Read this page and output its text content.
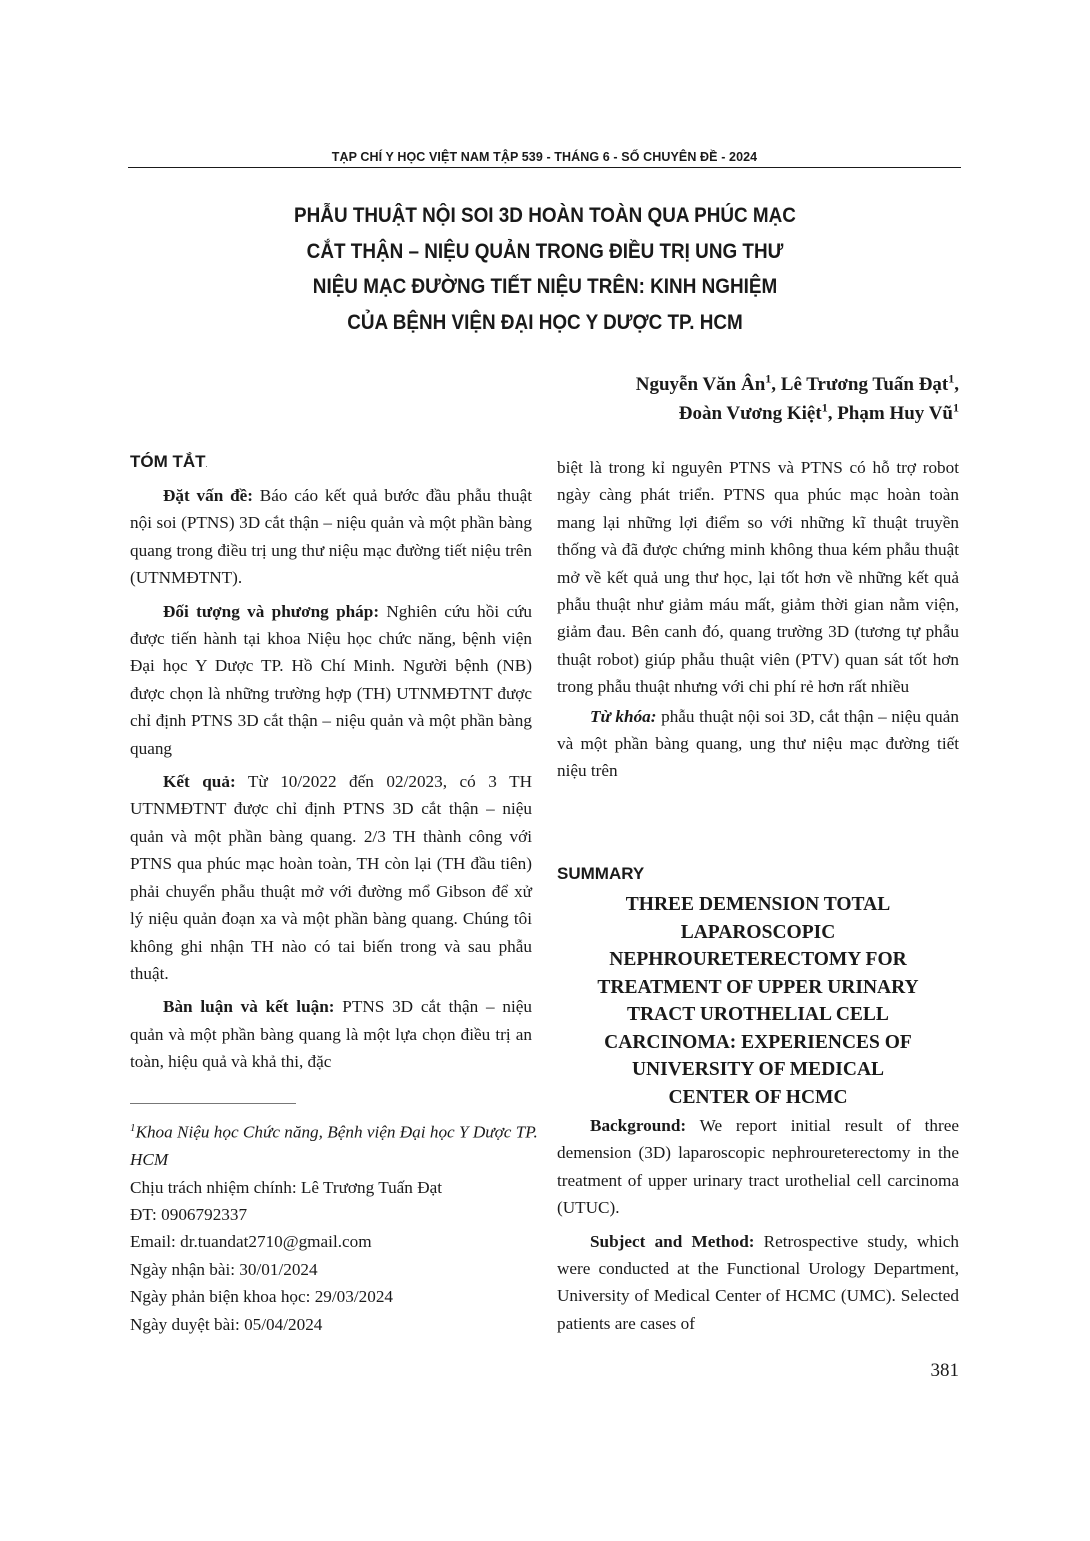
TẠP CHÍ Y HỌC VIỆT NAM TẬP 539 - THÁNG 6 - SỐ CHUYÊN ĐỀ - 2024
PHẪU THUẬT NỘI SOI 3D HOÀN TOÀN QUA PHÚC MẠC
CẮT THẬN – NIỆU QUẢN TRONG ĐIỀU TRỊ UNG THƯ
NIỆU MẠC ĐƯỜNG TIẾT NIỆU TRÊN: KINH NGHIỆM
CỦA BỆNH VIỆN ĐẠI HỌC Y DƯỢC TP. HCM
Nguyễn Văn $Ân^1$, Lê Trương Tuấn Đạt$^1$,
Đoàn Vương Kiệt$^1$, Phạm Huy $Vũ^1$
TÓM TẮT.

Đặt vấn đề: Báo cáo kết quả bước đầu phẫu thuật nội soi (PTNS) 3D cắt thận – niệu quản và một phần bàng quang trong điều trị ung thư niệu mạc đường tiết niệu trên (UTNMĐTNT).

Đối tượng và phương pháp: Nghiên cứu hồi cứu được tiến hành tại khoa Niệu học chức năng, bệnh viện Đại học Y Dược TP. Hồ Chí Minh. Người bệnh (NB) được chọn là những trường hợp (TH) UTNMĐTNT được chỉ định PTNS 3D cắt thận – niệu quản và một phần bàng quang

Kết quả: Từ 10/2022 đến 02/2023, có 3 TH UTNMĐTNT được chỉ định PTNS 3D cắt thận – niệu quản và một phần bàng quang. 2/3 TH thành công với PTNS qua phúc mạc hoàn toàn, TH còn lại (TH đầu tiên) phải chuyển phẫu thuật mở với đường mổ Gibson để xử lý niệu quản đoạn xa và một phần bàng quang. Chúng tôi không ghi nhận TH nào có tai biến trong và sau phẫu thuật.

Bàn luận và kết luận: PTNS 3D cắt thận – niệu quản và một phần bàng quang là một lựa chọn điều trị an toàn, hiệu quả và khả thi, đặc

$^1$Khoa Niệu học Chức năng, Bệnh viện Đại học Y Dược TP. HCM

Chịu trách nhiệm chính: Lê Trương Tuấn Đạt

ĐT: 0906792337

Email: dr.tuandat2710@gmail.com

Ngày nhận bài: 30/01/2024

Ngày phản biện khoa học: 29/03/2024

Ngày duyệt bài: 05/04/2024

biệt là trong kỉ nguyên PTNS và PTNS có hỗ trợ robot ngày càng phát triển. PTNS qua phúc mạc hoàn toàn mang lại những lợi điểm so với những kĩ thuật truyền thống và đã được chứng minh không thua kém phẫu thuật mở về kết quả ung thư học, lại tốt hơn về những kết quả phẫu thuật như giảm máu mất, giảm thời gian nằm viện, giảm đau. Bên canh đó, quang trường 3D (tương tự phẫu thuật robot) giúp phẫu thuật viên (PTV) quan sát tốt hơn trong phẫu thuật nhưng với chi phí rẻ hơn rất nhiều

Từ khóa: phẫu thuật nội soi 3D, cắt thận – niệu quản và một phần bàng quang, ung thư niệu mạc đường tiết niệu trên

SUMMARY
THREE DEMENSION TOTAL
LAPAROSCOPIC
NEPHROURETERECTOMY FOR
TREATMENT OF UPPER URINARY
TRACT UROTHELIAL CELL
CARCINOMA: EXPERIENCES OF
UNIVERSITY OF MEDICAL
CENTER OF HCMC

Background: We report initial result of three demension (3D) laparoscopic nephroureterectomy in the treatment of upper urinary tract urothelial cell carcinoma (UTUC).

Subject and Method: Retrospective study, which were conducted at the Functional Urology Department, University of Medical Center of HCMC (UMC). Selected patients are cases of

381
